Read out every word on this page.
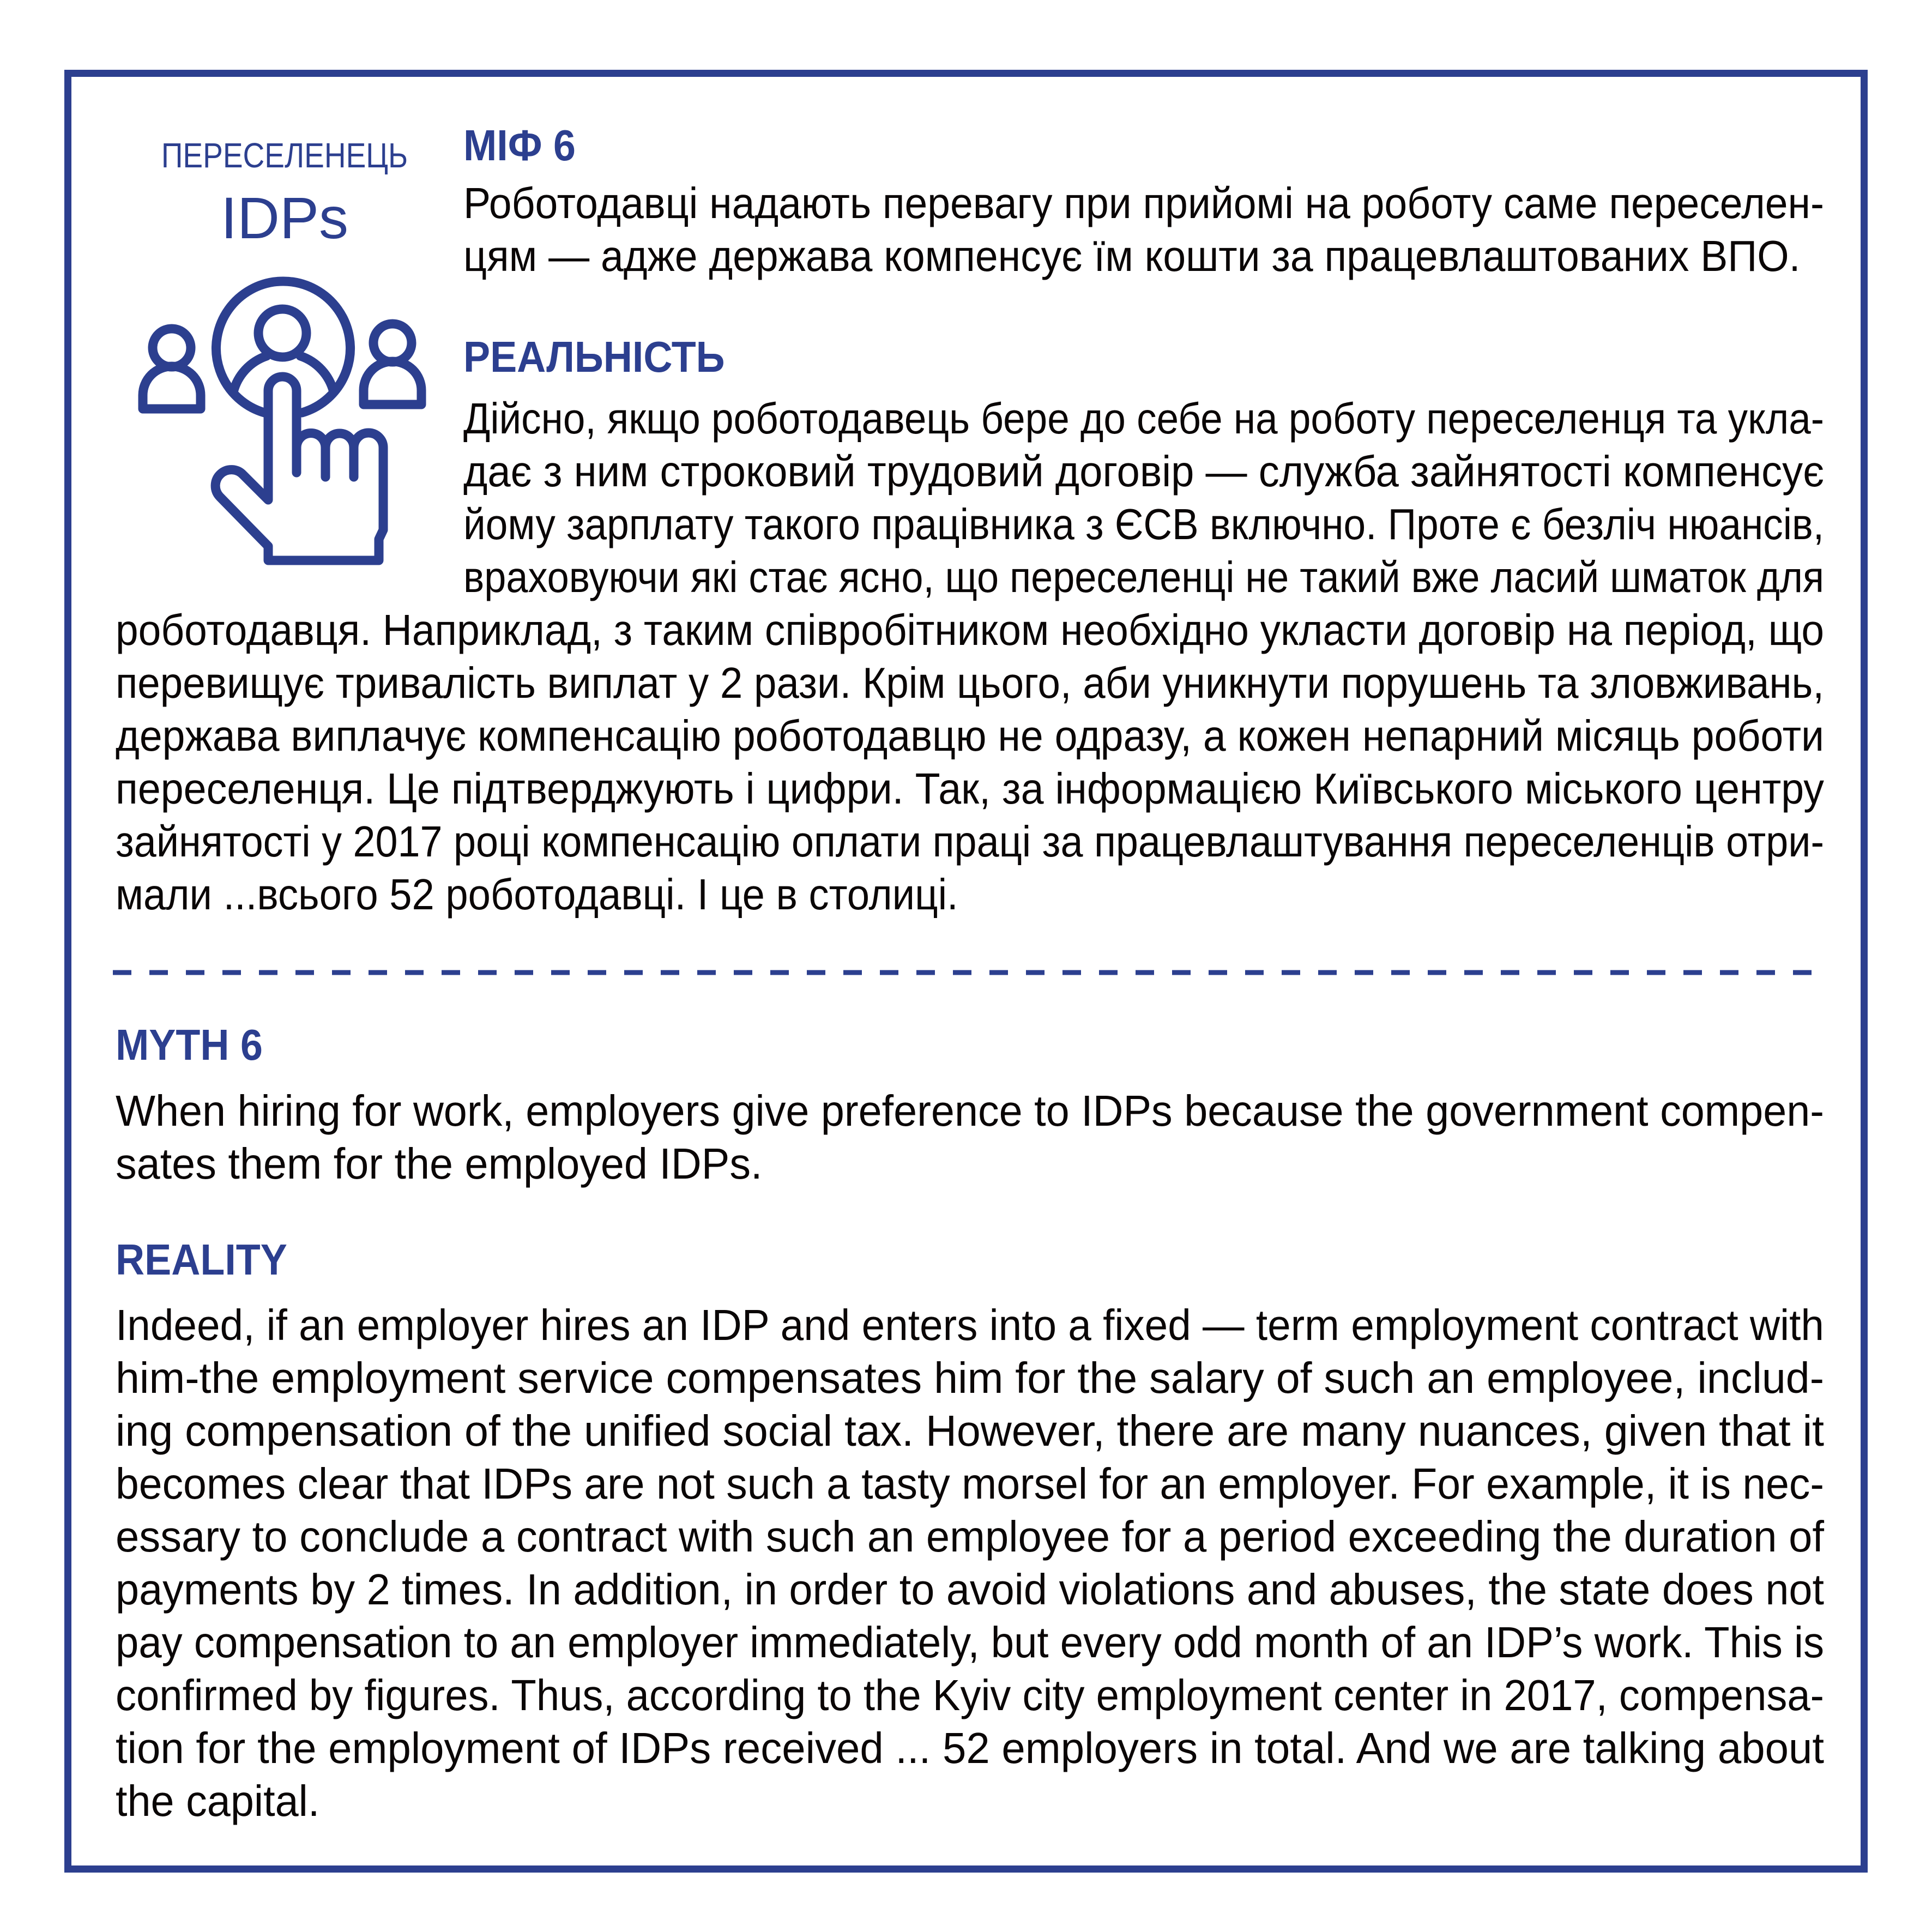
ПЕРЕСЕЛЕНЕЦЬ
IDPs
МІФ 6
Роботодавці надають перевагу при прийомі на роботу саме переселен-
цям — адже держава компенсує їм кошти за працевлаштованих ВПО.
РЕАЛЬНІСТЬ
Дійсно, якщо роботодавець бере до себе на роботу переселенця та укла-
дає з ним строковий трудовий договір — служба зайнятості компенсує
йому зарплату такого працівника з ЄСВ включно. Проте є безліч нюансів,
враховуючи які стає ясно, що переселенці не такий вже ласий шматок для
роботодавця. Наприклад, з таким співробітником необхідно укласти договір на період, що
перевищує тривалість виплат у 2 рази. Крім цього, аби уникнути порушень та зловживань,
держава виплачує компенсацію роботодавцю не одразу, а кожен непарний місяць роботи
переселенця. Це підтверджують і цифри. Так, за інформацією Київського міського центру
зайнятості у 2017 році компенсацію оплати праці за працевлаштування переселенців отри-
мали ...всього 52 роботодавці. І це в столиці.
MYTH 6
When hiring for work, employers give preference to IDPs because the government compen-
sates them for the employed IDPs.
REALITY
Indeed, if an employer hires an IDP and enters into a fixed — term employment contract with
him-the employment service compensates him for the salary of such an employee, includ-
ing compensation of the unified social tax. However, there are many nuances, given that it
becomes clear that IDPs are not such a tasty morsel for an employer. For example, it is nec-
essary to conclude a contract with such an employee for a period exceeding the duration of
payments by 2 times. In addition, in order to avoid violations and abuses, the state does not
pay compensation to an employer immediately, but every odd month of an IDP’s work. This is
confirmed by figures. Thus, according to the Kyiv city employment center in 2017, compensa-
tion for the employment of IDPs received ... 52 employers in total. And we are talking about
the capital.
